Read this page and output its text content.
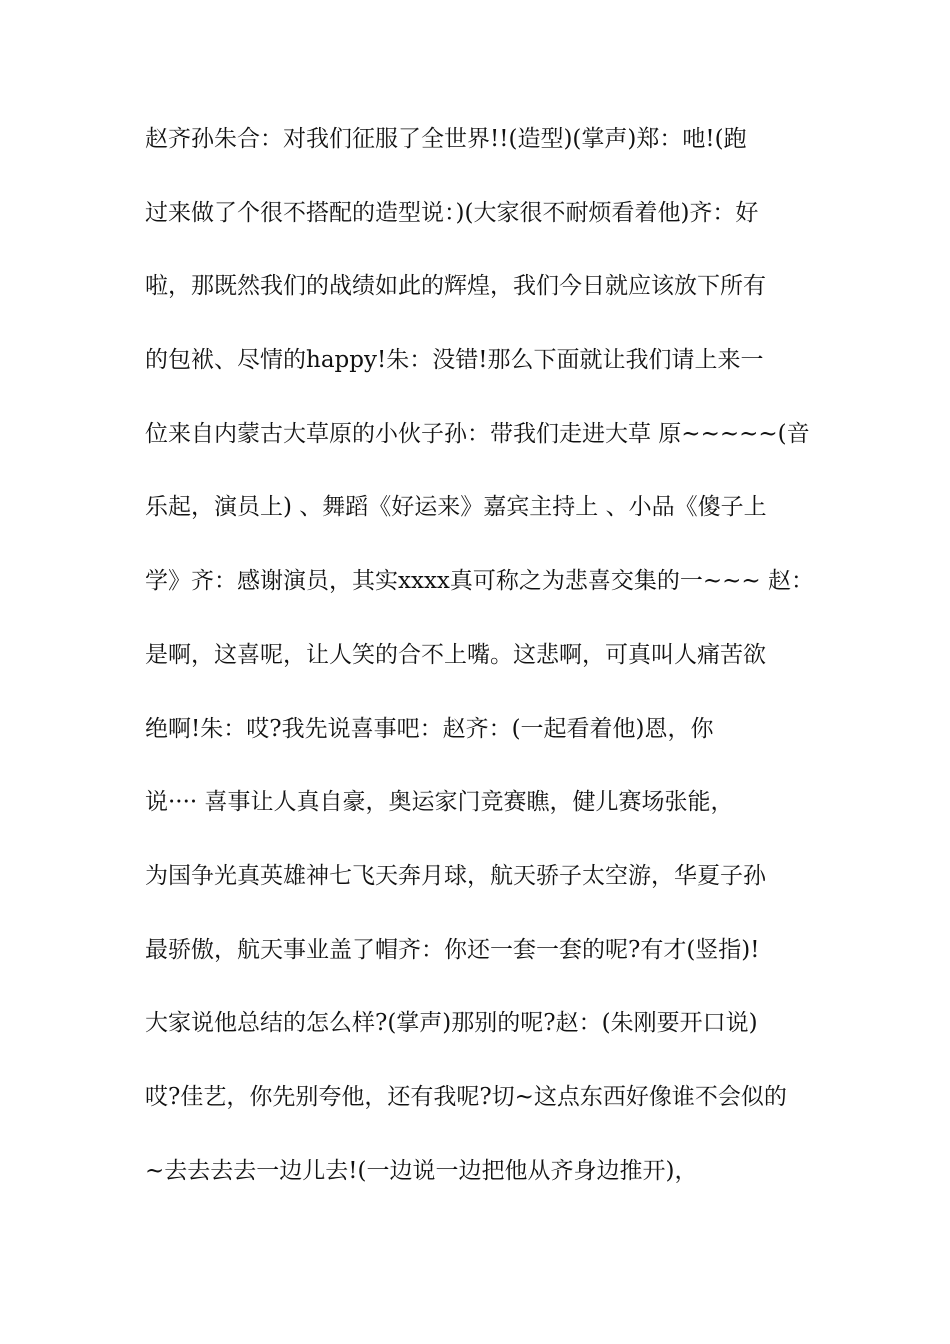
赵齐孙朱合：对我们征服了全世界!!(造型)(掌声)郑：吔!(跑
过来做了个很不搭配的造型说：)(大家很不耐烦看着他)齐：好
啦，那既然我们的战绩如此的辉煌，我们今日就应该放下所有
的包袱、尽情的happy!朱：没错!那么下面就让我们请上来一
位来自内蒙古大草原的小伙子孙：带我们走进大草 原~~~~~(音
乐起，演员上) 、舞蹈《好运来》嘉宾主持上 、小品《傻子上
学》齐：感谢演员，其实xxxx真可称之为悲喜交集的一~~~ 赵：
是啊，这喜呢，让人笑的合不上嘴。这悲啊，可真叫人痛苦欲
绝啊!朱：哎?我先说喜事吧：赵齐：(一起看着他)恩，你
说···· 喜事让人真自豪，奥运家门竞赛瞧，健儿赛场张能，
为国争光真英雄神七飞天奔月球，航天骄子太空游，华夏子孙
最骄傲，航天事业盖了帽齐：你还一套一套的呢?有才(竖指)!
大家说他总结的怎么样?(掌声)那别的呢?赵：(朱刚要开口说)
哎?佳艺，你先别夸他，还有我呢?切~这点东西好像谁不会似的
~去去去去一边儿去!(一边说一边把他从齐身边推开)，
